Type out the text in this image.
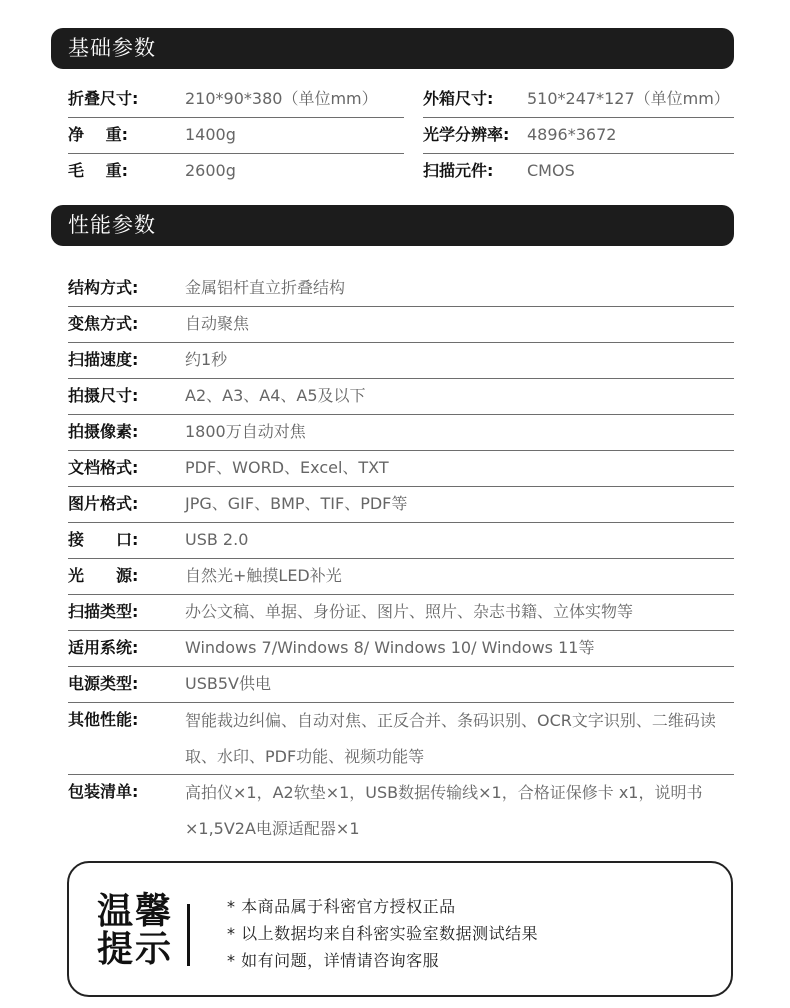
基础参数
折叠尺寸:	210*90*380（单位mm）	外箱尺寸: 510*247*127（单位mm）
净　 重:	1400g	光学分辨率: 4896*3672
毛　 重:	2600g	扫描元件: CMOS
性能参数
结构方式:	金属铝杆直立折叠结构
变焦方式:	自动聚焦
扫描速度:	约1秒
拍摄尺寸:	A2、A3、A4、A5及以下
拍摄像素:	1800万自动对焦
文档格式:	PDF、WORD、Excel、TXT
图片格式:	JPG、GIF、BMP、TIF、PDF等
接　　口:	USB 2.0
光　　源:	自然光+触摸LED补光
扫描类型:	办公文稿、单据、身份证、图片、照片、杂志书籍、立体实物等
适用系统:	Windows 7/Windows 8/ Windows 10/ Windows 11等
电源类型:	USB5V供电
其他性能:	智能裁边纠偏、自动对焦、正反合并、条码识别、OCR文字识别、二维码读取、水印、PDF功能、视频功能等
包装清单:	高拍仪×1，A2软垫×1，USB数据传输线×1，合格证保修卡 x1，说明书×1,5V2A电源适配器×1
温馨提示
* 本商品属于科密官方授权正品
* 以上数据均来自科密实验室数据测试结果
* 如有问题，详情请咨询客服
